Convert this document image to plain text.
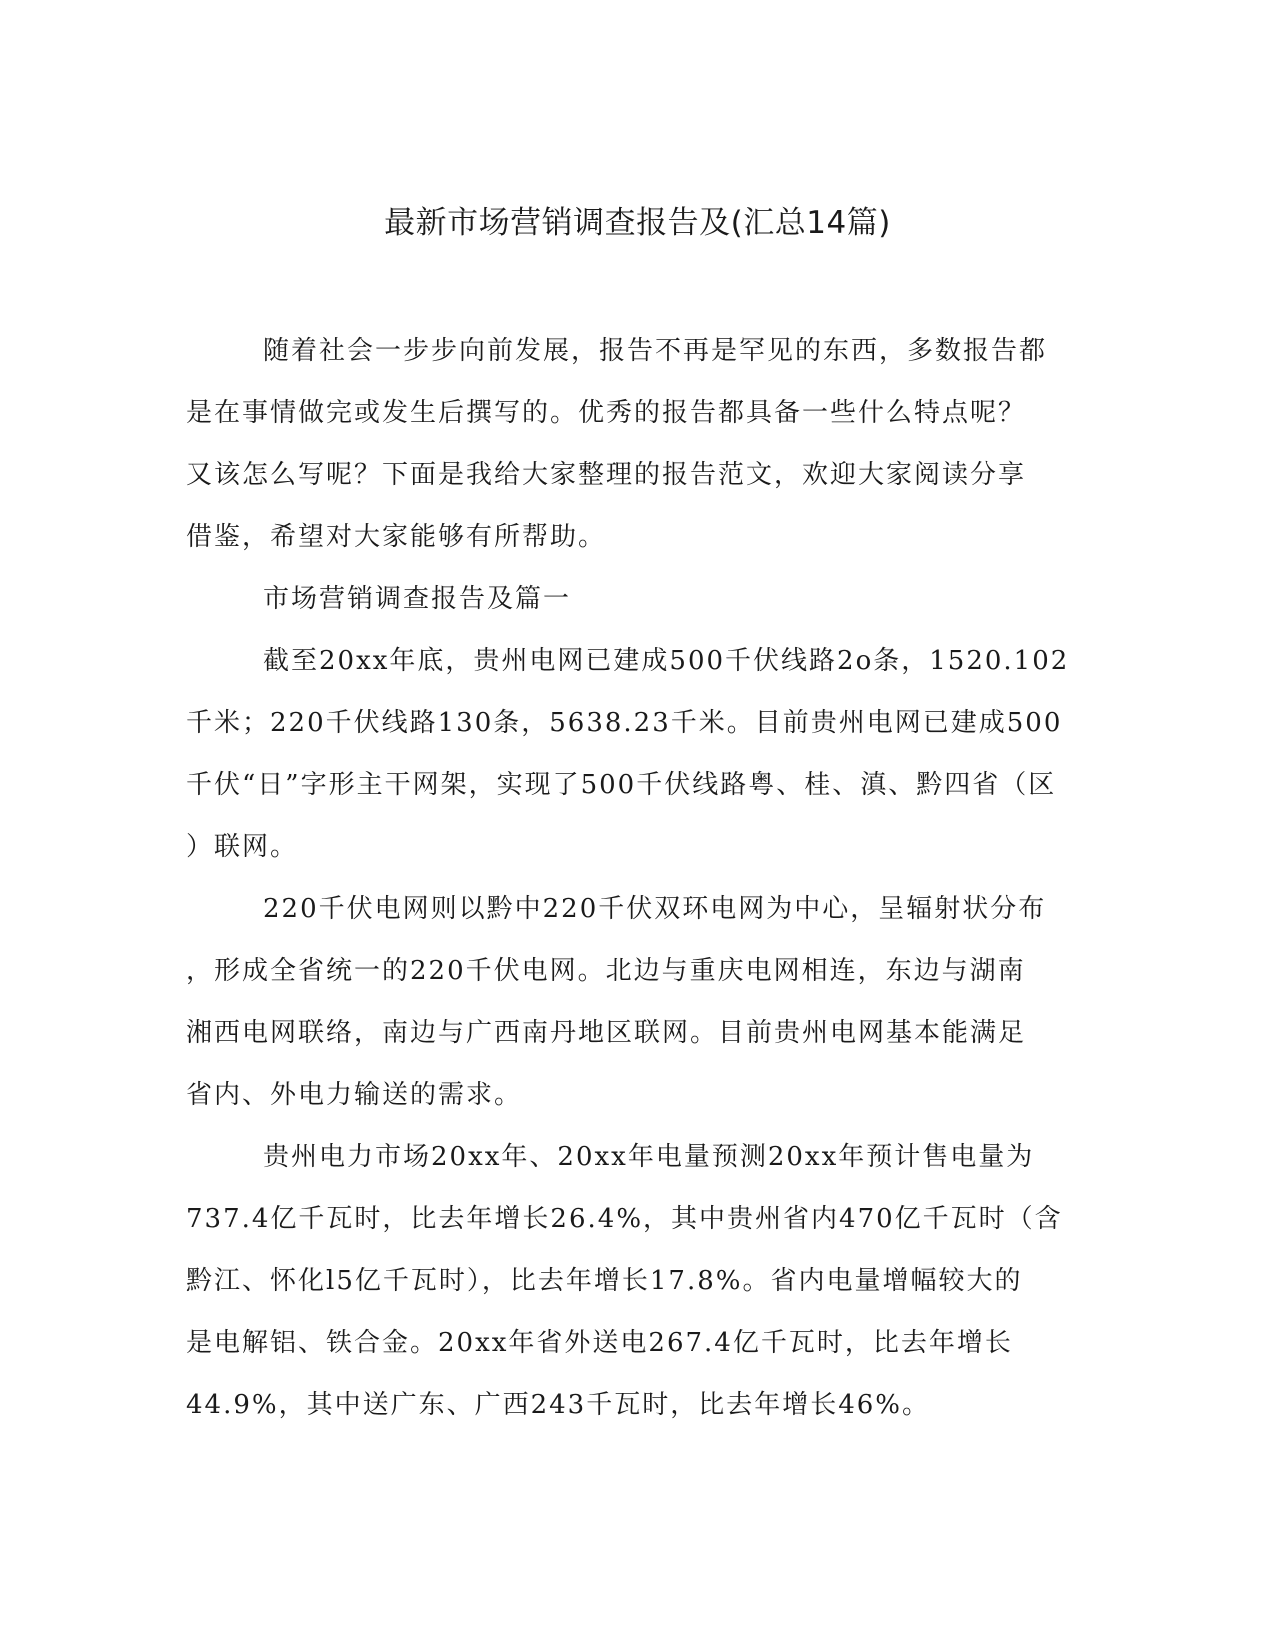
最新市场营销调查报告及(汇总14篇)
随着社会一步步向前发展，报告不再是罕见的东西，多数报告都
是在事情做完或发生后撰写的。优秀的报告都具备一些什么特点呢？
又该怎么写呢？下面是我给大家整理的报告范文，欢迎大家阅读分享
借鉴，希望对大家能够有所帮助。
市场营销调查报告及篇一
截至20xx年底，贵州电网已建成500千伏线路2o条，1520.102
千米；220千伏线路130条，5638.23千米。目前贵州电网已建成500
千伏“日”字形主干网架，实现了500千伏线路粤、桂、滇、黔四省（区
）联网。
220千伏电网则以黔中220千伏双环电网为中心，呈辐射状分布
，形成全省统一的220千伏电网。北边与重庆电网相连，东边与湖南
湘西电网联络，南边与广西南丹地区联网。目前贵州电网基本能满足
省内、外电力输送的需求。
贵州电力市场20xx年、20xx年电量预测20xx年预计售电量为
737.4亿千瓦时，比去年增长26.4%，其中贵州省内470亿千瓦时（含
黔江、怀化l5亿千瓦时），比去年增长17.8%。省内电量增幅较大的
是电解铝、铁合金。20xx年省外送电267.4亿千瓦时，比去年增长
44.9%，其中送广东、广西243千瓦时，比去年增长46%。
